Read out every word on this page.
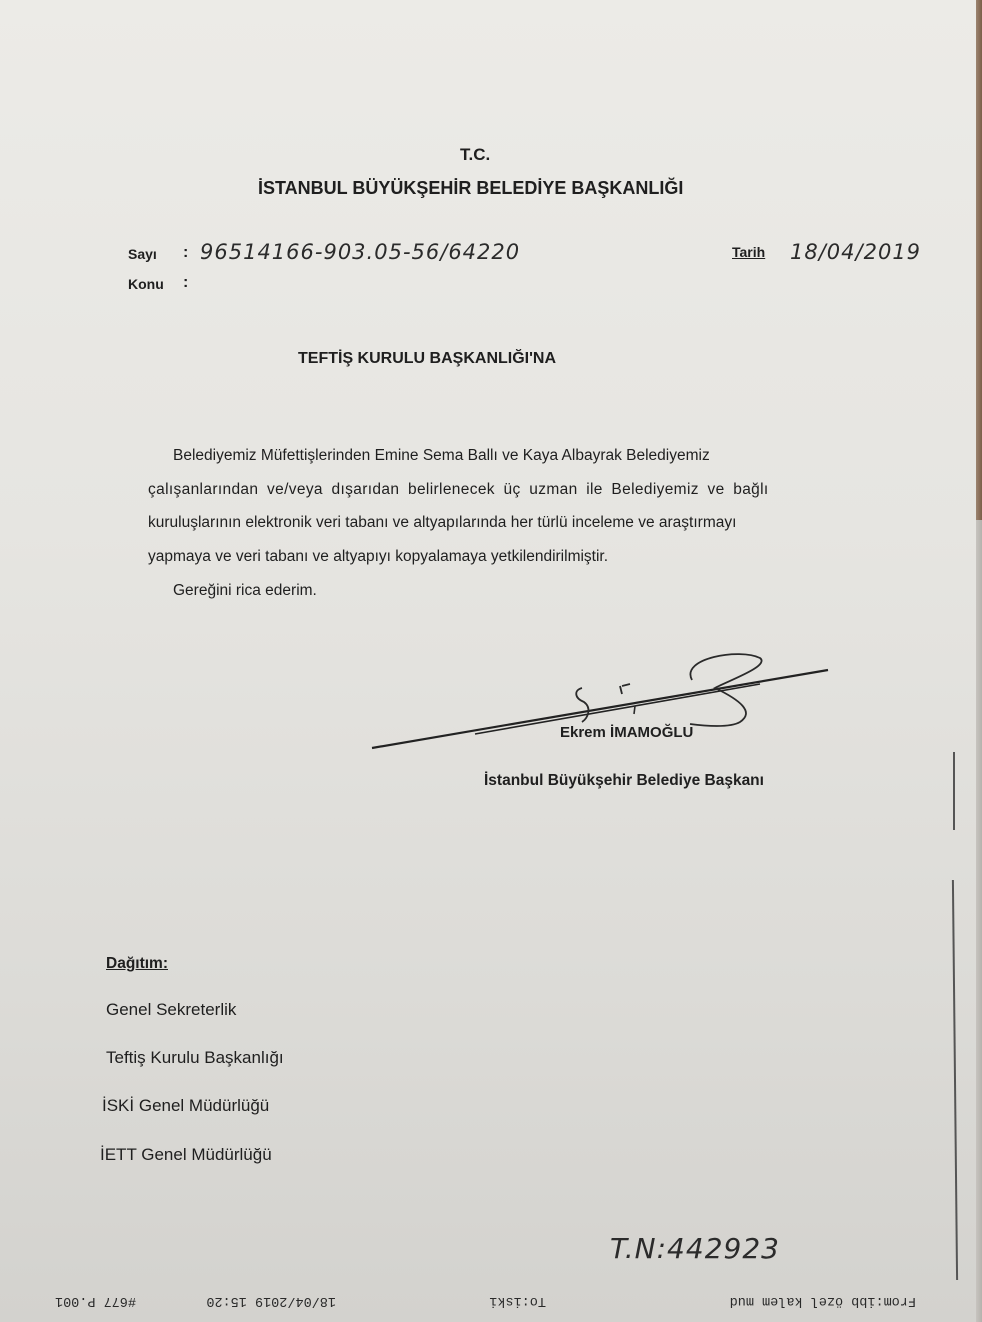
T.C.
İSTANBUL BÜYÜKŞEHİR BELEDİYE BAŞKANLIĞI
Sayı : 96514166-903.05-56/64220
Konu :
Tarih 18/04/2019
TEFTİŞ KURULU BAŞKANLIĞI'NA
Belediyemiz Müfettişlerinden Emine Sema Ballı ve Kaya Albayrak Belediyemiz
çalışanlarından ve/veya dışarıdan belirlenecek üç uzman ile Belediyemiz ve bağlı
kuruluşlarının elektronik veri tabanı ve altyapılarında her türlü inceleme ve araştırmayı
yapmaya ve veri tabanı ve altyapıyı kopyalamaya yetkilendirilmiştir.
Gereğini rica ederim.
Ekrem İMAMOĞLU
İstanbul Büyükşehir Belediye Başkanı
Dağıtım:
Genel Sekreterlik
Teftiş Kurulu Başkanlığı
İSKİ Genel Müdürlüğü
İETT Genel Müdürlüğü
T.N:442923
From:ibb özel kalem mud
To:iski
18/04/2019 15:20
#677 P.001
